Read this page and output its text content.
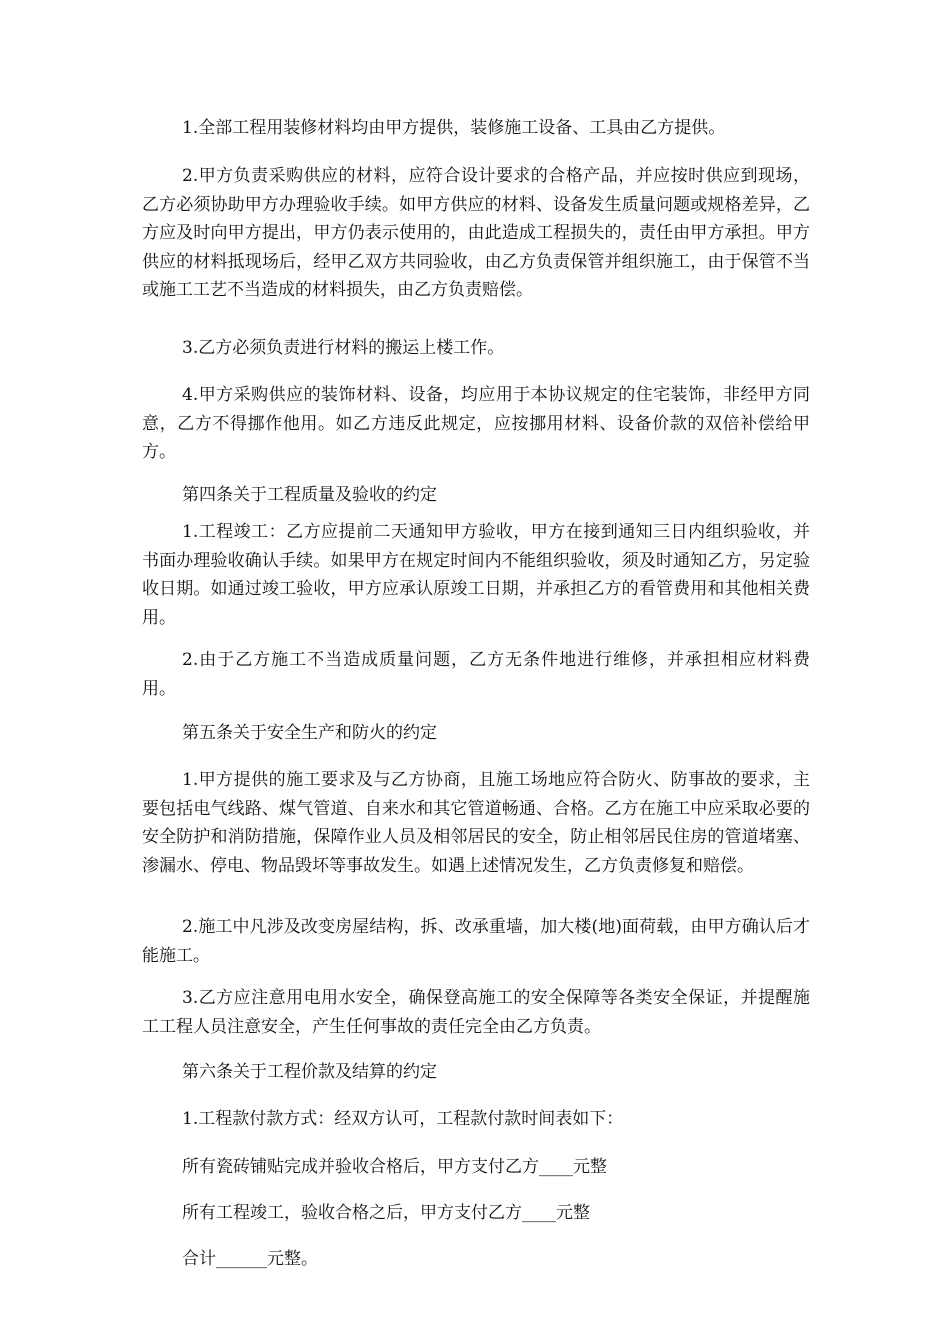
1.全部工程用装修材料均由甲方提供，装修施工设备、工具由乙方提供。

2.甲方负责采购供应的材料，应符合设计要求的合格产品，并应按时供应到现场，乙方必须协助甲方办理验收手续。如甲方供应的材料、设备发生质量问题或规格差异，乙方应及时向甲方提出，甲方仍表示使用的，由此造成工程损失的，责任由甲方承担。甲方供应的材料抵现场后，经甲乙双方共同验收，由乙方负责保管并组织施工，由于保管不当或施工工艺不当造成的材料损失，由乙方负责赔偿。

3.乙方必须负责进行材料的搬运上楼工作。

4.甲方采购供应的装饰材料、设备，均应用于本协议规定的住宅装饰，非经甲方同意，乙方不得挪作他用。如乙方违反此规定，应按挪用材料、设备价款的双倍补偿给甲方。

第四条关于工程质量及验收的约定

1.工程竣工：乙方应提前二天通知甲方验收，甲方在接到通知三日内组织验收，并书面办理验收确认手续。如果甲方在规定时间内不能组织验收，须及时通知乙方，另定验收日期。如通过竣工验收，甲方应承认原竣工日期，并承担乙方的看管费用和其他相关费用。

2.由于乙方施工不当造成质量问题，乙方无条件地进行维修，并承担相应材料费用。

第五条关于安全生产和防火的约定

1.甲方提供的施工要求及与乙方协商，且施工场地应符合防火、防事故的要求，主要包括电气线路、煤气管道、自来水和其它管道畅通、合格。乙方在施工中应采取必要的安全防护和消防措施，保障作业人员及相邻居民的安全，防止相邻居民住房的管道堵塞、渗漏水、停电、物品毁坏等事故发生。如遇上述情况发生，乙方负责修复和赔偿。

2.施工中凡涉及改变房屋结构，拆、改承重墙，加大楼(地)面荷载，由甲方确认后才能施工。

3.乙方应注意用电用水安全，确保登高施工的安全保障等各类安全保证，并提醒施工工程人员注意安全，产生任何事故的责任完全由乙方负责。

第六条关于工程价款及结算的约定

1.工程款付款方式：经双方认可，工程款付款时间表如下：

所有瓷砖铺贴完成并验收合格后，甲方支付乙方____元整

所有工程竣工，验收合格之后，甲方支付乙方____元整

合计______元整。
